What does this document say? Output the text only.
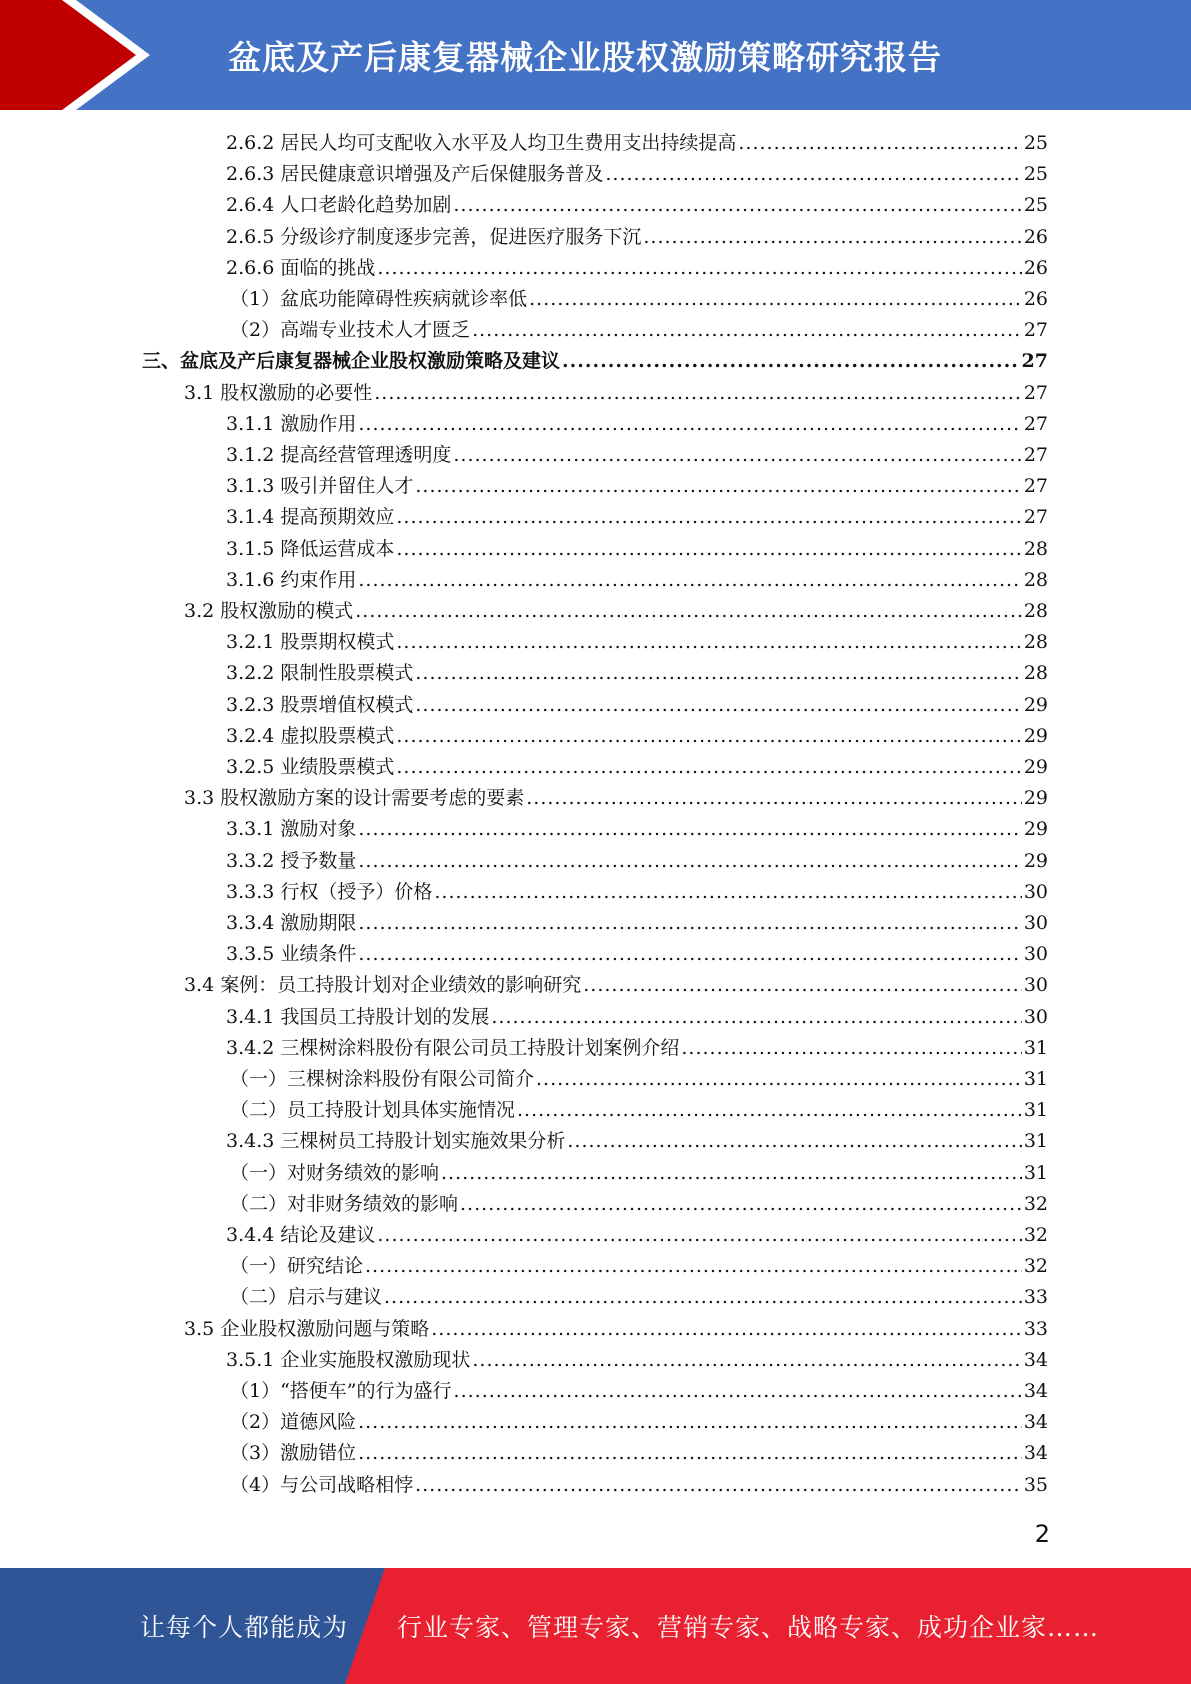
盆底及产后康复器械企业股权激励策略研究报告
2.6.2 居民人均可支配收入水平及人均卫生费用支出持续提高 .....	25
2.6.3 居民健康意识增强及产后保健服务普及 .....	25
2.6.4 人口老龄化趋势加剧 .....	25
2.6.5 分级诊疗制度逐步完善，促进医疗服务下沉 .....	26
2.6.6 面临的挑战 .....	26
（1）盆底功能障碍性疾病就诊率低 .....	26
（2）高端专业技术人才匮乏 .....	27
三、盆底及产后康复器械企业股权激励策略及建议 .....	27
3.1 股权激励的必要性 .....	27
3.1.1 激励作用 .....	27
3.1.2 提高经营管理透明度 .....	27
3.1.3 吸引并留住人才 .....	27
3.1.4 提高预期效应 .....	27
3.1.5 降低运营成本 .....	28
3.1.6 约束作用 .....	28
3.2 股权激励的模式 .....	28
3.2.1 股票期权模式 .....	28
3.2.2 限制性股票模式 .....	28
3.2.3 股票增值权模式 .....	29
3.2.4 虚拟股票模式 .....	29
3.2.5 业绩股票模式 .....	29
3.3 股权激励方案的设计需要考虑的要素 .....	29
3.3.1 激励对象 .....	29
3.3.2 授予数量 .....	29
3.3.3 行权（授予）价格 .....	30
3.3.4 激励期限 .....	30
3.3.5 业绩条件 .....	30
3.4 案例：员工持股计划对企业绩效的影响研究 .....	30
3.4.1 我国员工持股计划的发展 .....	30
3.4.2 三棵树涂料股份有限公司员工持股计划案例介绍 .....	31
（一）三棵树涂料股份有限公司简介 .....	31
（二）员工持股计划具体实施情况 .....	31
3.4.3 三棵树员工持股计划实施效果分析 .....	31
（一）对财务绩效的影响 .....	31
（二）对非财务绩效的影响 .....	32
3.4.4 结论及建议 .....	32
（一）研究结论 .....	32
（二）启示与建议 .....	33
3.5 企业股权激励问题与策略 .....	33
3.5.1 企业实施股权激励现状 .....	34
（1）“搭便车”的行为盛行 .....	34
（2）道德风险 .....	34
（3）激励错位 .....	34
（4）与公司战略相悖 .....	35
2
让每个人都能成为 行业专家、管理专家、营销专家、战略专家、成功企业家……
